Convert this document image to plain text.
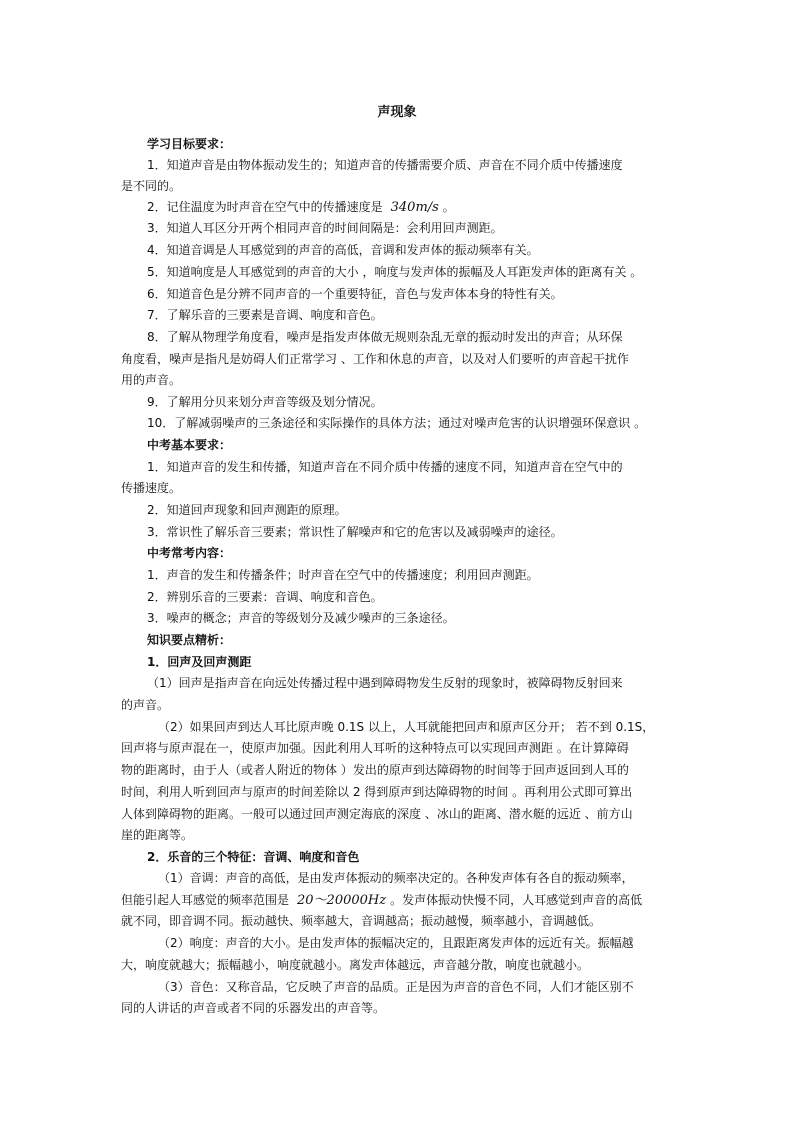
声现象
学习目标要求：
1．知道声音是由物体振动发生的；知道声音的传播需要介质、声音在不同介质中传播速度
是不同的。
2．记住温度为时声音在空气中的传播速度是 340m/s 。
3．知道人耳区分开两个相同声音的时间间隔是：会利用回声测距。
4．知道音调是人耳感觉到的声音的高低，音调和发声体的振动频率有关。
5．知道响度是人耳感觉到的声音的大小 ，响度与发声体的振幅及人耳距发声体的距离有关 。
6．知道音色是分辨不同声音的一个重要特征，音色与发声体本身的特性有关。
7．了解乐音的三要素是音调、响度和音色。
8．了解从物理学角度看，噪声是指发声体做无规则杂乱无章的振动时发出的声音；从环保
角度看，噪声是指凡是妨碍人们正常学习 、工作和休息的声音，以及对人们要听的声音起干扰作
用的声音。
9．了解用分贝来划分声音等级及划分情况。
10．了解减弱噪声的三条途径和实际操作的具体方法；通过对噪声危害的认识增强环保意识 。
中考基本要求：
1．知道声音的发生和传播，知道声音在不同介质中传播的速度不同，知道声音在空气中的
传播速度。
2．知道回声现象和回声测距的原理。
3．常识性了解乐音三要素；常识性了解噪声和它的危害以及减弱噪声的途径。
中考常考内容：
1．声音的发生和传播条件；时声音在空气中的传播速度；利用回声测距。
2．辨别乐音的三要素：音调、响度和音色。
3．噪声的概念；声音的等级划分及减少噪声的三条途径。
知识要点精析：
1．回声及回声测距
（1）回声是指声音在向远处传播过程中遇到障碍物发生反射的现象时，被障碍物反射回来
的声音。
（2）如果回声到达人耳比原声晚 0.1S 以上，人耳就能把回声和原声区分开； 若不到 0.1S，
回声将与原声混在一，使原声加强。因此利用人耳听的这种特点可以实现回声测距 。在计算障碍
物的距离时，由于人（或者人附近的物体 ）发出的原声到达障碍物的时间等于回声返回到人耳的
时间，利用人听到回声与原声的时间差除以 2 得到原声到达障碍物的时间 。再利用公式即可算出
人体到障碍物的距离。一般可以通过回声测定海底的深度 、冰山的距离、潜水艇的远近 、前方山
崖的距离等。
2．乐音的三个特征：音调、响度和音色
（1）音调：声音的高低，是由发声体振动的频率决定的。各种发声体有各自的振动频率，
但能引起人耳感觉的频率范围是 20～20000Hz 。发声体振动快慢不同，人耳感觉到声音的高低
就不同，即音调不同。振动越快、频率越大，音调越高；振动越慢，频率越小，音调越低。
（2）响度：声音的大小。是由发声体的振幅决定的，且跟距离发声体的远近有关。振幅越
大，响度就越大；振幅越小，响度就越小。离发声体越远，声音越分散，响度也就越小。
（3）音色：又称音品，它反映了声音的品质。正是因为声音的音色不同，人们才能区别不
同的人讲话的声音或者不同的乐器发出的声音等。
